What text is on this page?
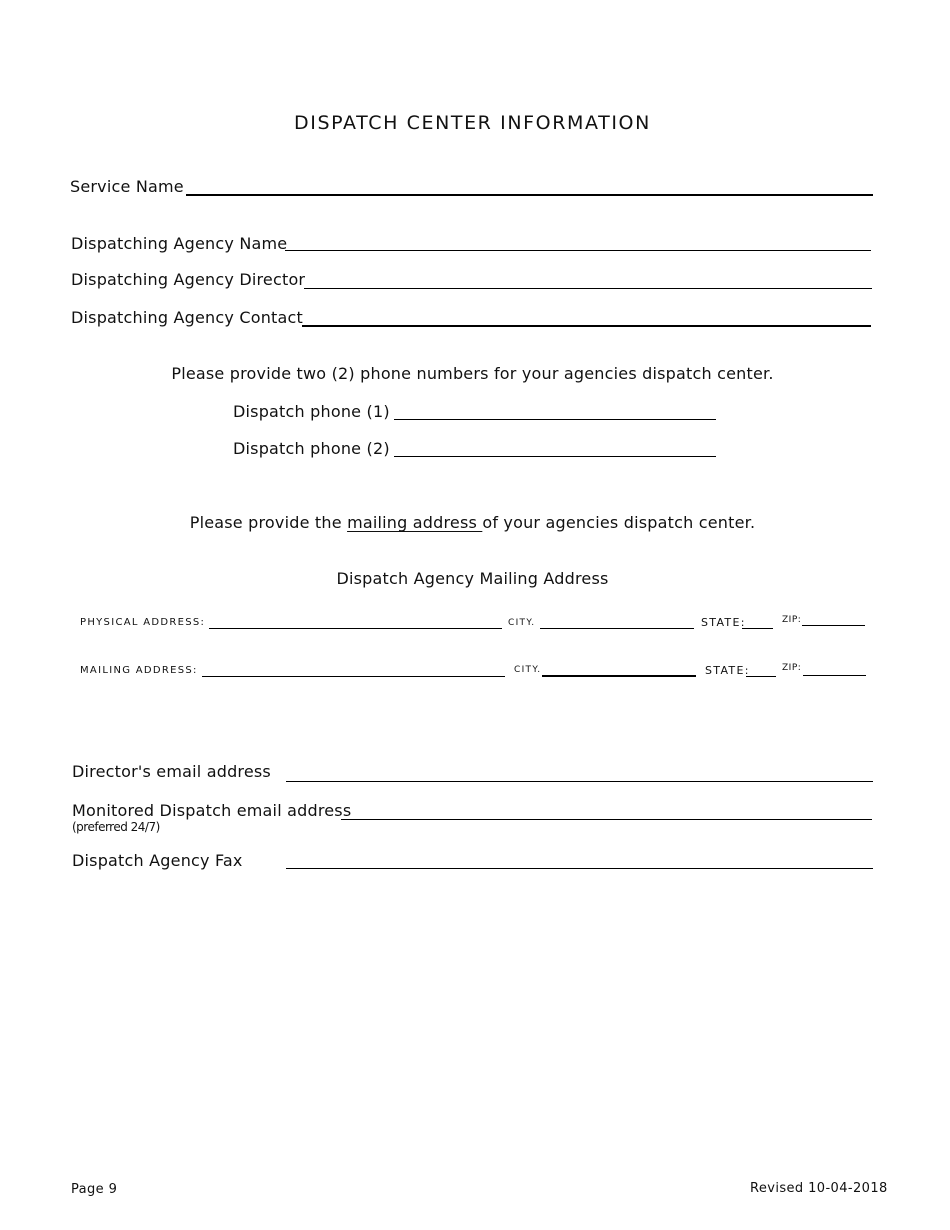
DISPATCH CENTER INFORMATION
Service Name
Dispatching Agency Name
Dispatching Agency Director
Dispatching Agency Contact
Please provide two (2) phone numbers for your agencies dispatch center.
Dispatch phone (1)
Dispatch phone (2)
Please provide the mailing address of your agencies dispatch center.
Dispatch Agency Mailing Address
PHYSICAL ADDRESS:	CITY.	STATE:	ZIP:
MAILING ADDRESS:	CITY.	STATE:	ZIP:
Director's email address
Monitored Dispatch email address
(preferred 24/7)
Dispatch Agency Fax
Page 9	Revised 10-04-2018
